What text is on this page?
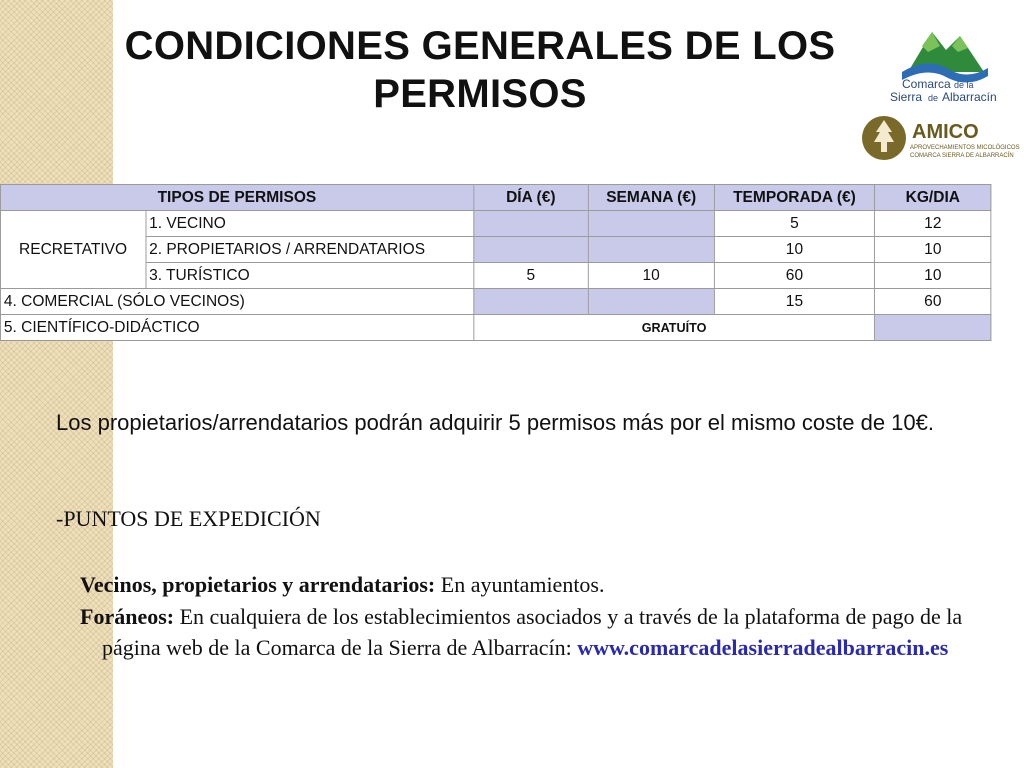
CONDICIONES GENERALES DE LOS
PERMISOS	Comarca de la
Sierra de Albarracín
AMICO
APROVECHAMIENTOS MICOLÓGICOS
COMARCA SIERRA DE ALBARRACÍN
TIPOS DE PERMISOS		DÍA (€)	SEMANA (€)	TEMPORADA (€)	KG/DIA
RECRETATIVO	1. VECINO			5	12
	2. PROPIETARIOS / ARRENDATARIOS			10	10
	3. TURÍSTICO	5	10	60	10
4. COMERCIAL (SÓLO VECINOS)				15	60
5. CIENTÍFICO-DIDÁCTICO		GRATUÍTO			
Los propietarios/arrendatarios podrán adquirir 5 permisos más por el mismo coste de 10€.
-PUNTOS DE EXPEDICIÓN
Vecinos, propietarios y arrendatarios: En ayuntamientos.
Foráneos: En cualquiera de los establecimientos asociados y a través de la plataforma de pago de la página web de la Comarca de la Sierra de Albarracín: www.comarcadelasierradealbarracin.es
